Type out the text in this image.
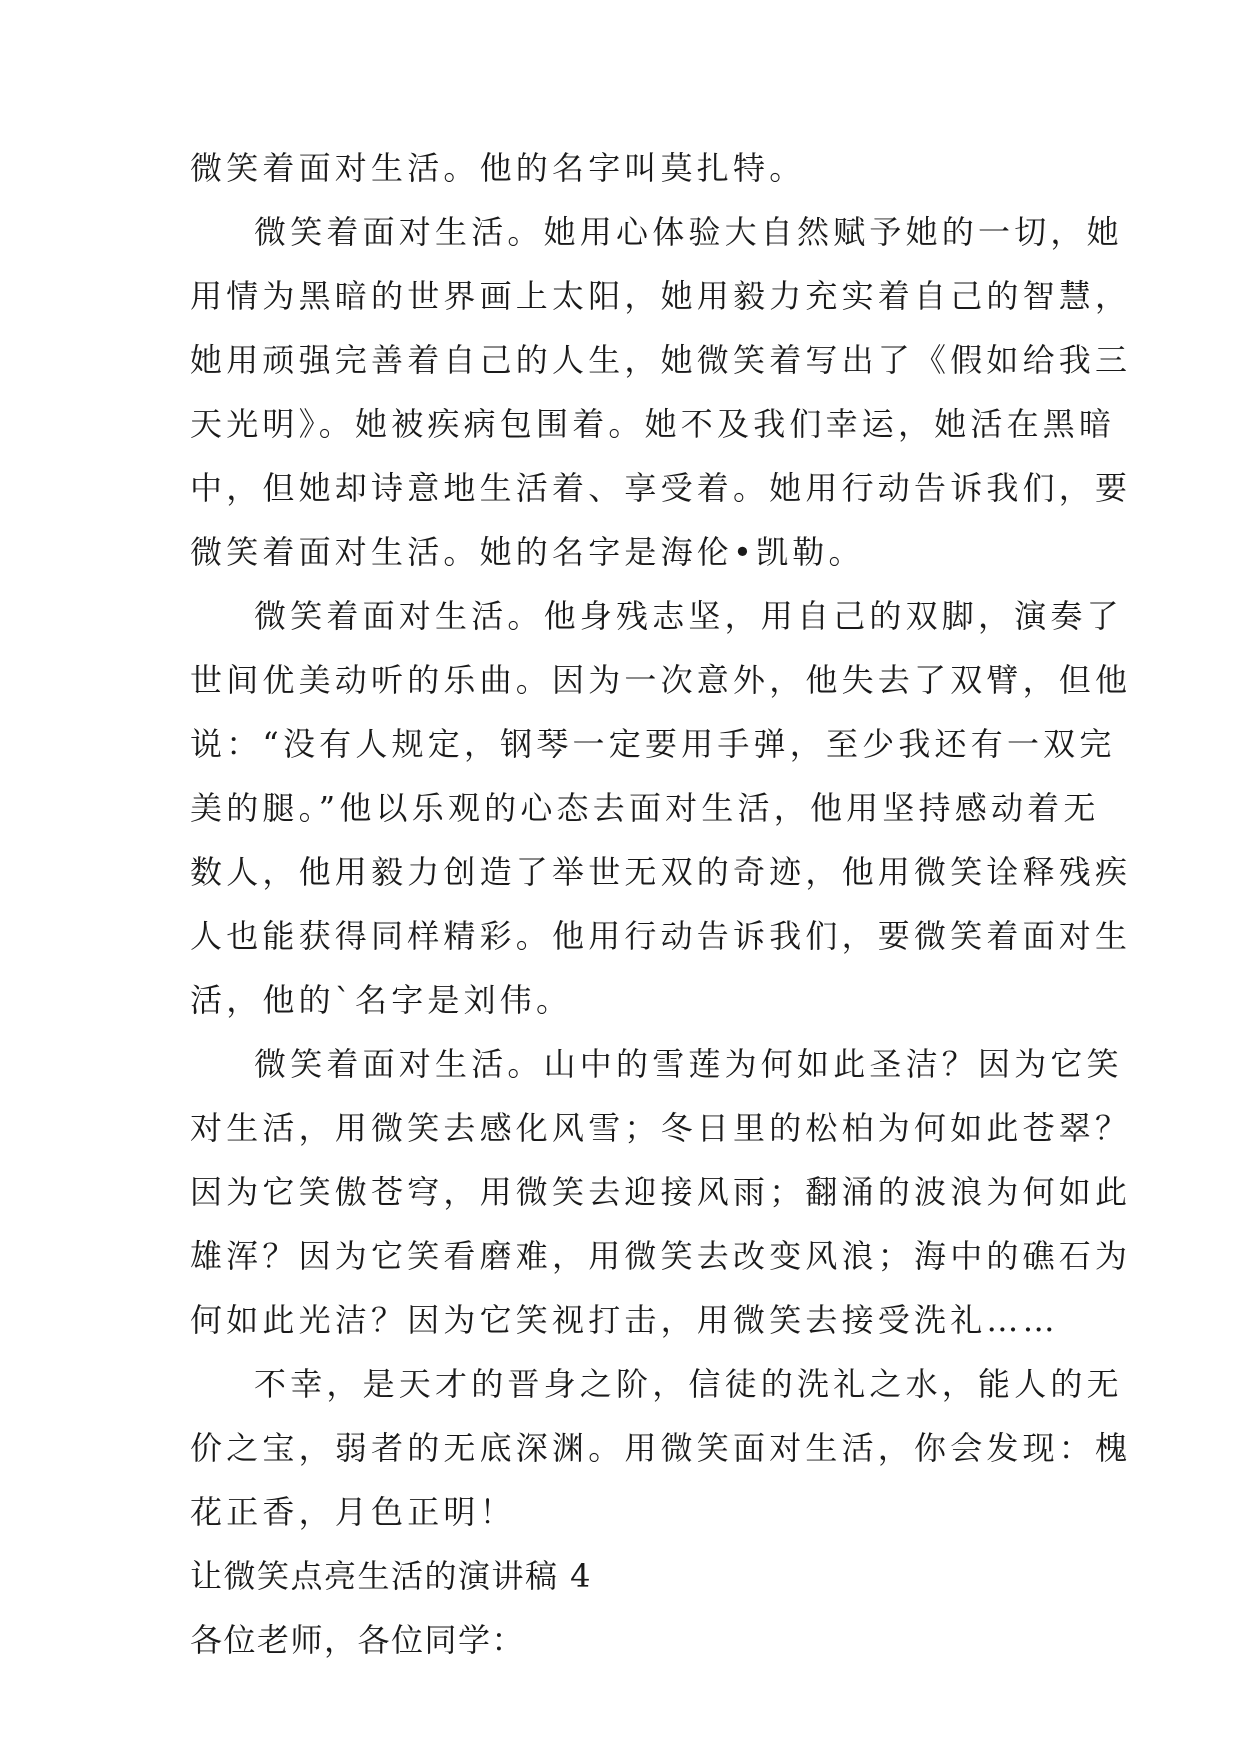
微笑着面对生活。他的名字叫莫扎特。
微笑着面对生活。她用心体验大自然赋予她的一切，她
用情为黑暗的世界画上太阳，她用毅力充实着自己的智慧，
她用顽强完善着自己的人生，她微笑着写出了《假如给我三
天光明》。她被疾病包围着。她不及我们幸运，她活在黑暗
中，但她却诗意地生活着、享受着。她用行动告诉我们，要
微笑着面对生活。她的名字是海伦•凯勒。
微笑着面对生活。他身残志坚，用自己的双脚，演奏了
世间优美动听的乐曲。因为一次意外，他失去了双臂，但他
说：“没有人规定，钢琴一定要用手弹，至少我还有一双完
美的腿。”他以乐观的心态去面对生活，他用坚持感动着无
数人，他用毅力创造了举世无双的奇迹，他用微笑诠释残疾
人也能获得同样精彩。他用行动告诉我们，要微笑着面对生
活，他的`名字是刘伟。
微笑着面对生活。山中的雪莲为何如此圣洁？因为它笑
对生活，用微笑去感化风雪；冬日里的松柏为何如此苍翠？
因为它笑傲苍穹，用微笑去迎接风雨；翻涌的波浪为何如此
雄浑？因为它笑看磨难，用微笑去改变风浪；海中的礁石为
何如此光洁？因为它笑视打击，用微笑去接受洗礼……
不幸，是天才的晋身之阶，信徒的洗礼之水，能人的无
价之宝，弱者的无底深渊。用微笑面对生活，你会发现：槐
花正香，月色正明！
让微笑点亮生活的演讲稿 4
各位老师，各位同学：
